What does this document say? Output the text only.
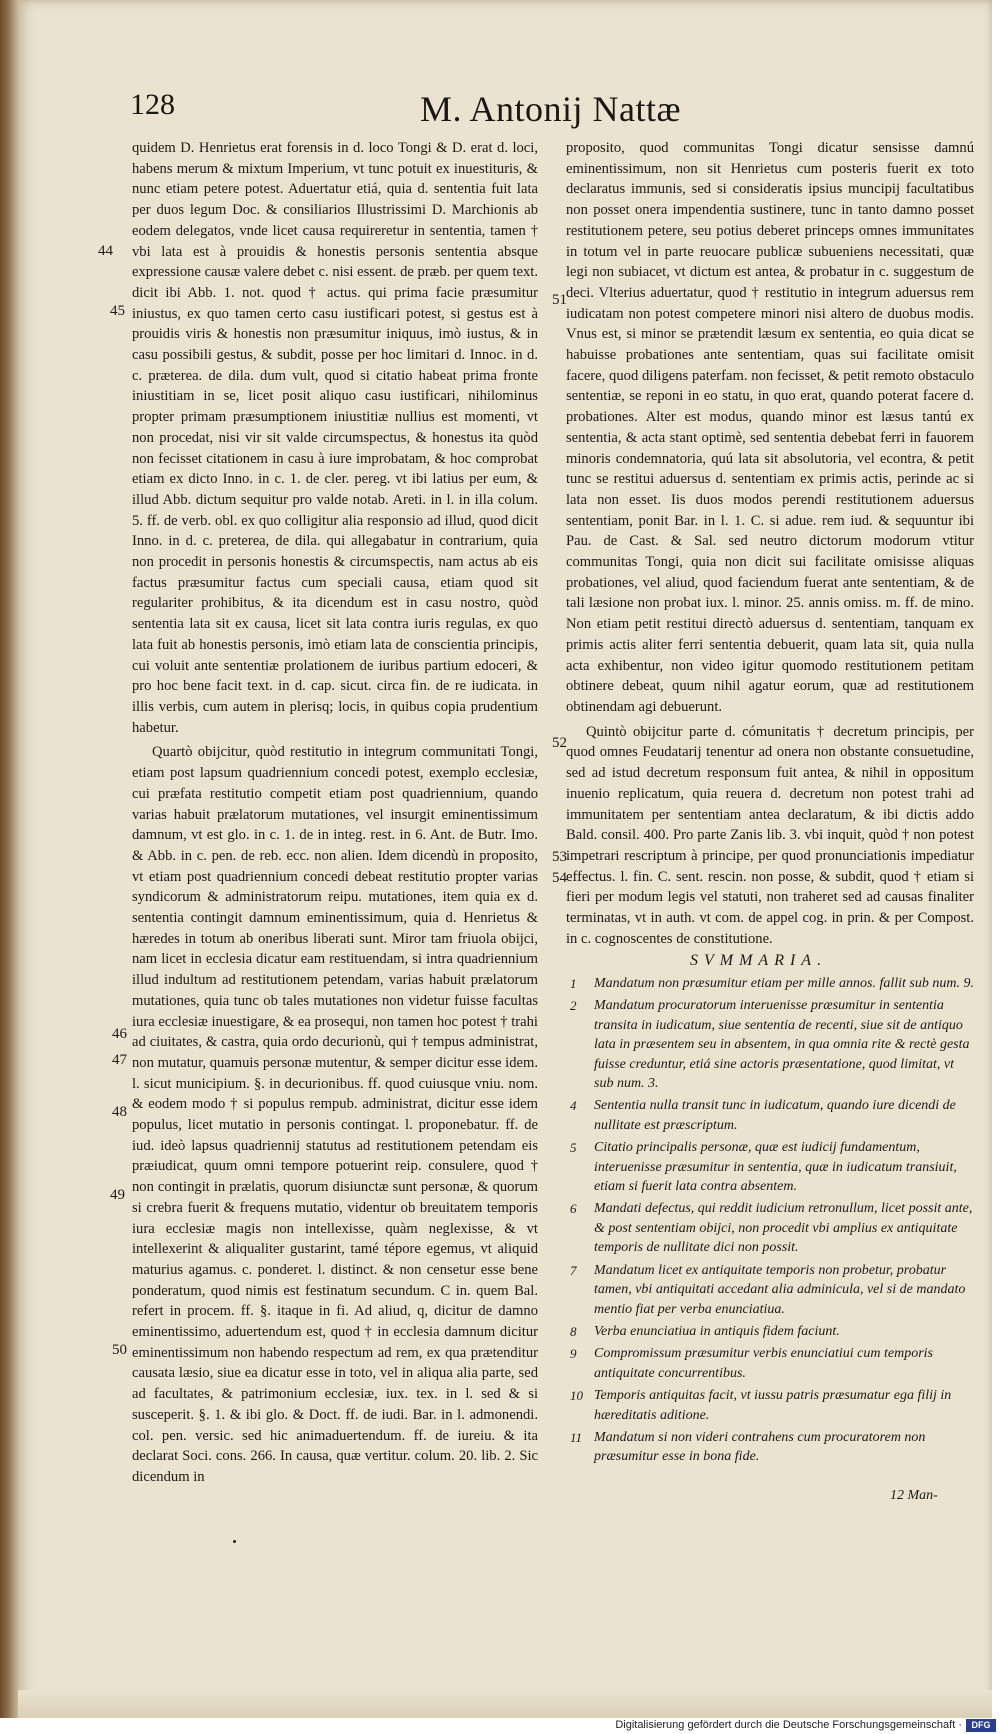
128	M. Antonij Nattæ

quidem D. Henrietus erat forensis in d. loco Tongi & D. erat d. loci, habens merum & mixtum Imperium, vt tunc potuit ex inuestituris, & nunc etiam petere potest. Aduertatur etiá, quia d. sententia fuit lata per duos legum Doc. & consiliarios Illustrissimi D. Marchionis ab eodem delegatos, vnde licet causa requireretur in sententia, tamen † vbi lata est à prouidis & honestis personis sententia absque expressione causæ valere debet c. nisi essent. de præb. per quem text. dicit ibi Abb. 1. not. quod † actus. qui prima facie præsumitur iniustus, ex quo tamen certo casu iustificari potest, si gestus est à prouidis viris & honestis non præsumitur iniquus, imò iustus, & in casu possibili gestus, & subdit, posse per hoc limitari d. Innoc. in d. c. præterea. de dila. dum vult, quod si citatio habeat prima fronte iniustitiam in se, licet posit aliquo casu iustificari, nihilominus propter primam præsumptionem iniustitiæ nullius est momenti, vt non procedat, nisi vir sit valde circumspectus, & honestus ita quòd non fecisset citationem in casu à iure improbatam, & hoc comprobat etiam ex dicto Inno. in c. 1. de cler. pereg. vt ibi latius per eum, & illud Abb. dictum sequitur pro valde notab. Areti. in l. in illa colum. 5. ff. de verb. obl. ex quo colligitur alia responsio ad illud, quod dicit Inno. in d. c. preterea, de dila. qui allegabatur in contrarium, quia non procedit in personis honestis & circumspectis, nam actus ab eis factus præsumitur factus cum speciali causa, etiam quod sit regulariter prohibitus, & ita dicendum est in casu nostro, quòd sententia lata sit ex causa, licet sit lata contra iuris regulas, ex quo lata fuit ab honestis personis, imò etiam lata de conscientia principis, cui voluit ante sententiæ prolationem de iuribus partium edoceri, & pro hoc bene facit text. in d. cap. sicut. circa fin. de re iudicata. in illis verbis, cum autem in plerisq; locis, in quibus copia prudentium habetur.

Quartò obijcitur, quòd restitutio in integrum communitati Tongi, etiam post lapsum quadriennium concedi potest, exemplo ecclesiæ, cui præfata restitutio competit etiam post quadriennium, quando varias habuit prælatorum mutationes, vel insurgit eminentissimum damnum, vt est glo. in c. 1. de in integ. rest. in 6. Ant. de Butr. Imo. & Abb. in c. pen. de reb. ecc. non alien. Idem dicendù in proposito, vt etiam post quadriennium concedi debeat restitutio propter varias syndicorum & administratorum reipu. mutationes, item quia ex d. sententia contingit damnum eminentissimum, quia d. Henrietus & hæredes in totum ab oneribus liberati sunt. Miror tam friuola obijci, nam licet in ecclesia dicatur eam restituendam, si intra quadriennium illud indultum ad restitutionem petendam, varias habuit prælatorum mutationes, quia tunc ob tales mutationes non videtur fuisse facultas iura ecclesiæ inuestigare, & ea prosequi, non tamen hoc potest † trahi ad ciuitates, & castra, quia ordo decurionù, qui † tempus administrat, non mutatur, quamuis personæ mutentur, & semper dicitur esse idem. l. sicut municipium. §. in decurionibus. ff. quod cuiusque vniu. nom. & eodem modo † si populus rempub. administrat, dicitur esse idem populus, licet mutatio in personis contingat. l. proponebatur. ff. de iud. ideò lapsus quadriennij statutus ad restitutionem petendam eis præiudicat, quum omni tempore potuerint reip. consulere, quod † non contingit in prælatis, quorum disiunctæ sunt personæ, & quorum si crebra fuerit & frequens mutatio, videntur ob breuitatem temporis iura ecclesiæ magis non intellexisse, quàm neglexisse, & vt intellexerint & aliqualiter gustarint, tamé tépore egemus, vt aliquid maturius agamus. c. ponderet. l. distinct. & non censetur esse bene ponderatum, quod nimis est festinatum secundum. C in. quem Bal. refert in procem. ff. §. itaque in fi. Ad aliud, q, dicitur de damno eminentissimo, aduertendum est, quod † in ecclesia damnum dicitur eminentissimum non habendo respectum ad rem, ex qua prætenditur causata læsio, siue ea dicatur esse in toto, vel in aliqua alia parte, sed ad facultates, & patrimonium ecclesiæ, iux. tex. in l. sed & si susceperit. §. 1. & ibi glo. & Doct. ff. de iudi. Bar. in l. admonendi. col. pen. versic. sed hic animaduertendum. ff. de iureiu. & ita declarat Soci. cons. 266. In causa, quæ vertitur. colum. 20. lib. 2. Sic dicendum in

proposito, quod communitas Tongi dicatur sensisse damnú eminentissimum, non sit Henrietus cum posteris fuerit ex toto declaratus immunis, sed si consideratis ipsius muncipij facultatibus non posset onera impendentia sustinere, tunc in tanto damno posset restitutionem petere, seu potius deberet princeps omnes immunitates in totum vel in parte reuocare publicæ subueniens necessitati, quæ legi non subiacet, vt dictum est antea, & probatur in c. suggestum de deci. Vlterius aduertatur, quod † restitutio in integrum aduersus rem iudicatam non potest competere minori nisi altero de duobus modis. Vnus est, si minor se prætendit læsum ex sententia, eo quia dicat se habuisse probationes ante sententiam, quas sui facilitate omisit facere, quod diligens paterfam. non fecisset, & petit remoto obstaculo sententiæ, se reponi in eo statu, in quo erat, quando poterat facere d. probationes. Alter est modus, quando minor est læsus tantú ex sententia, & acta stant optimè, sed sententia debebat ferri in fauorem minoris condemnatoria, quú lata sit absolutoria, vel econtra, & petit tunc se restitui aduersus d. sententiam ex primis actis, perinde ac si lata non esset. Iis duos modos perendi restitutionem aduersus sententiam, ponit Bar. in l. 1. C. si adue. rem iud. & sequuntur ibi Pau. de Cast. & Sal. sed neutro dictorum modorum vtitur communitas Tongi, quia non dicit sui facilitate omisisse aliquas probationes, vel aliud, quod faciendum fuerat ante sententiam, & de tali læsione non probat iux. l. minor. 25. annis omiss. m. ff. de mino. Non etiam petit restitui directò aduersus d. sententiam, tanquam ex primis actis aliter ferri sententia debuerit, quam lata sit, quia nulla acta exhibentur, non video igitur quomodo restitutionem petitam obtinere debeat, quum nihil agatur eorum, quæ ad restitutionem obtinendam agi debuerunt.

Quintò obijcitur parte d. cómunitatis † decretum principis, per quod omnes Feudatarij tenentur ad onera non obstante consuetudine, sed ad istud decretum responsum fuit antea, & nihil in oppositum inuenio replicatum, quia reuera d. decretum non potest trahi ad immunitatem per sententiam antea declaratum, & ibi dictis addo Bald. consil. 400. Pro parte Zanis lib. 3. vbi inquit, quòd † non potest impetrari rescriptum à principe, per quod pronunciationis impediatur effectus. l. fin. C. sent. rescin. non posse, & subdit, quod † etiam si fieri per modum legis vel statuti, non traheret sed ad causas finaliter terminatas, vt in auth. vt com. de appel cog. in prin. & per Compost. in c. cognoscentes de constitutione.

44
45
46
47
48
49
50
51
52
53
54
SVMMARIA.
1 Mandatum non præsumitur etiam per mille annos. fallit sub num. 9.
2 Mandatum procuratorum interuenisse præsumitur in sententia transita in iudicatum, siue sententia de recenti, siue sit de antiquo lata in præsentem seu in absentem, in qua omnia rite & rectè gesta fuisse creduntur, etiá sine actoris præsentatione, quod limitat, vt sub num. 3.
4 Sententia nulla transit tunc in iudicatum, quando iure dicendi de nullitate est præscriptum.
5 Citatio principalis personæ, quæ est iudicij fundamentum, interuenisse præsumitur in sententia, quæ in iudicatum transiuit, etiam si fuerit lata contra absentem.
6 Mandati defectus, qui reddit iudicium retronullum, licet possit ante, & post sententiam obijci, non procedit vbi amplius ex antiquitate temporis de nullitate dici non possit.
7 Mandatum licet ex antiquitate temporis non probetur, probatur tamen, vbi antiquitati accedant alia adminicula, vel si de mandato mentio fiat per verba enunciatiua.
8 Verba enunciatiua in antiquis fidem faciunt.
9 Compromissum præsumitur verbis enunciatiui cum temporis antiquitate concurrentibus.
10 Temporis antiquitas facit, vt iussu patris præsumatur ega filij in hæreditatis aditione.
11 Mandatum si non videri contrahens cum procuratorem non præsumitur esse in bona fide.
12 Man-
Digitalisierung gefördert durch die Deutsche Forschungsgemeinschaft ·	DFG
